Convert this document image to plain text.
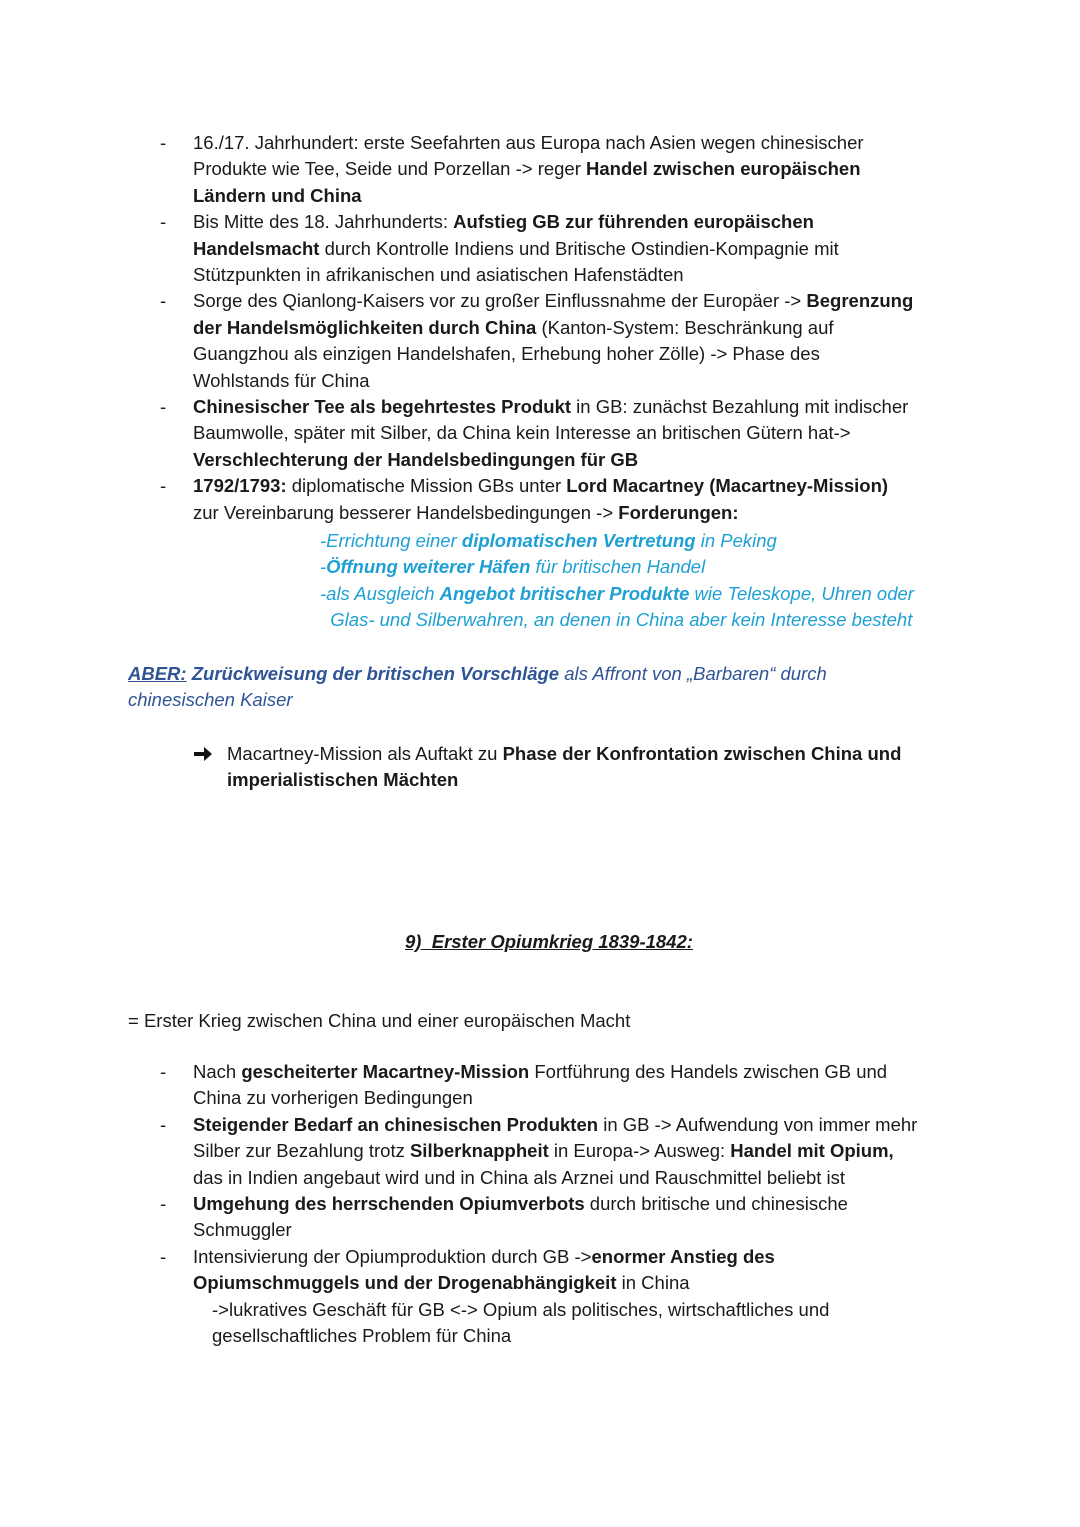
- 16./17. Jahrhundert: erste Seefahrten aus Europa nach Asien wegen chinesischer
Produkte wie Tee, Seide und Porzellan -> reger Handel zwischen europäischen
Ländern und China
- Bis Mitte des 18. Jahrhunderts: Aufstieg GB zur führenden europäischen
Handelsmacht durch Kontrolle Indiens und Britische Ostindien-Kompagnie mit
Stützpunkten in afrikanischen und asiatischen Hafenstädten
- Sorge des Qianlong-Kaisers vor zu großer Einflussnahme der Europäer -> Begrenzung
der Handelsmöglichkeiten durch China (Kanton-System: Beschränkung auf
Guangzhou als einzigen Handelshafen, Erhebung hoher Zölle) -> Phase des
Wohlstands für China
- Chinesischer Tee als begehrtestes Produkt in GB: zunächst Bezahlung mit indischer
Baumwolle, später mit Silber, da China kein Interesse an britischen Gütern hat->
Verschlechterung der Handelsbedingungen für GB
- 1792/1793: diplomatische Mission GBs unter Lord Macartney (Macartney-Mission)
zur Vereinbarung besserer Handelsbedingungen -> Forderungen:
-Errichtung einer diplomatischen Vertretung in Peking
-Öffnung weiterer Häfen für britischen Handel
-als Ausgleich Angebot britischer Produkte wie Teleskope, Uhren oder
Glas- und Silberwahren, an denen in China aber kein Interesse besteht
ABER: Zurückweisung der britischen Vorschläge als Affront von „Barbaren“ durch
chinesischen Kaiser
Macartney-Mission als Auftakt zu Phase der Konfrontation zwischen China und
imperialistischen Mächten
9) Erster Opiumkrieg 1839-1842:
= Erster Krieg zwischen China und einer europäischen Macht
- Nach gescheiterter Macartney-Mission Fortführung des Handels zwischen GB und
China zu vorherigen Bedingungen
- Steigender Bedarf an chinesischen Produkten in GB -> Aufwendung von immer mehr
Silber zur Bezahlung trotz Silberknappheit in Europa-> Ausweg: Handel mit Opium,
das in Indien angebaut wird und in China als Arznei und Rauschmittel beliebt ist
- Umgehung des herrschenden Opiumverbots durch britische und chinesische
Schmuggler
- Intensivierung der Opiumproduktion durch GB ->enormer Anstieg des
Opiumschmuggels und der Drogenabhängigkeit in China
->lukratives Geschäft für GB <-> Opium als politisches, wirtschaftliches und
gesellschaftliches Problem für China
